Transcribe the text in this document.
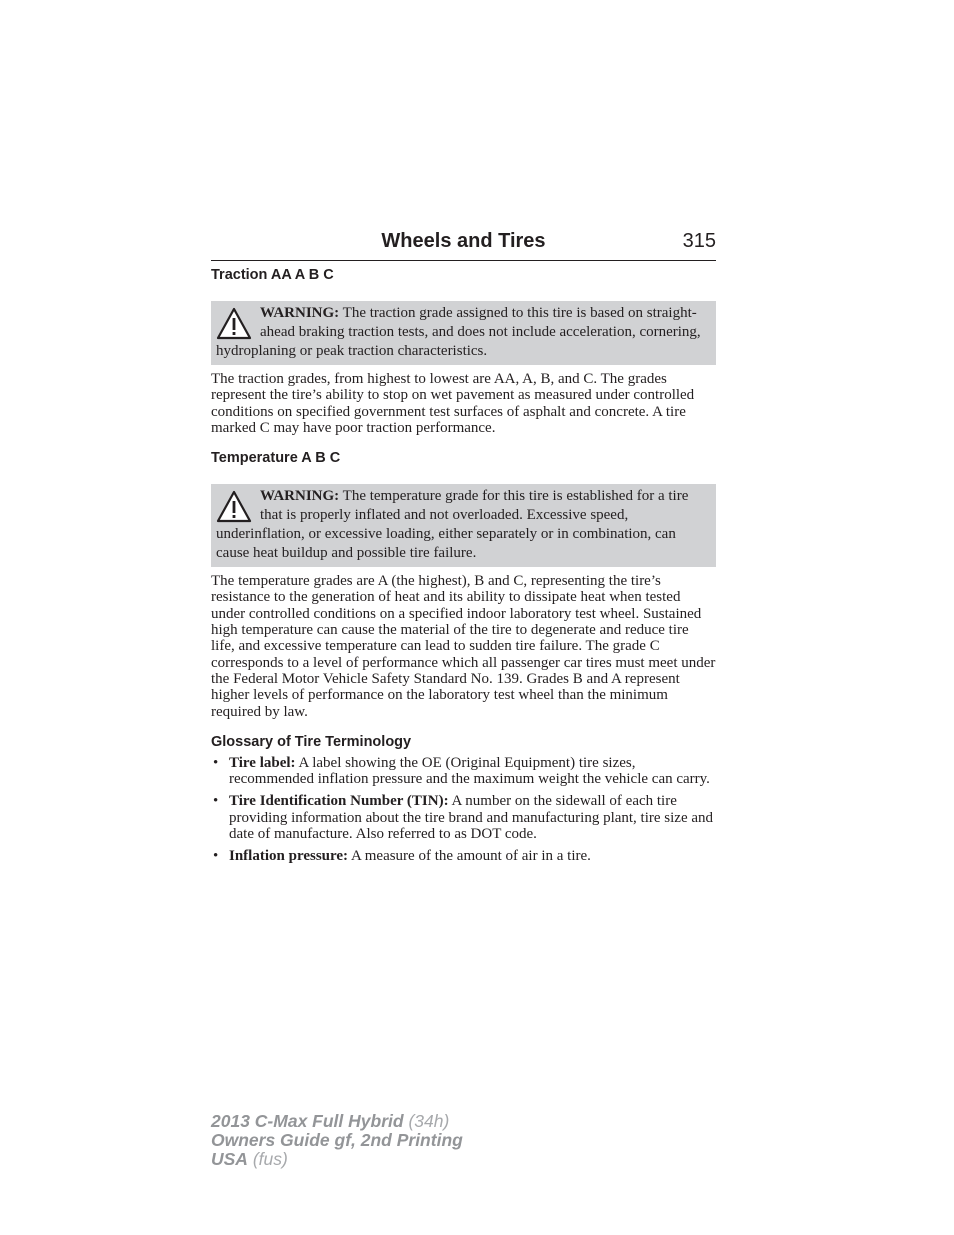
Wheels and Tires	315
Traction AA A B C
WARNING: The traction grade assigned to this tire is based on straight-ahead braking traction tests, and does not include acceleration, cornering, hydroplaning or peak traction characteristics.

The traction grades, from highest to lowest are AA, A, B, and C. The grades represent the tire’s ability to stop on wet pavement as measured under controlled conditions on specified government test surfaces of asphalt and concrete. A tire marked C may have poor traction performance.

Temperature A B C
WARNING: The temperature grade for this tire is established for a tire that is properly inflated and not overloaded. Excessive speed, underinflation, or excessive loading, either separately or in combination, can cause heat buildup and possible tire failure.

The temperature grades are A (the highest), B and C, representing the tire’s resistance to the generation of heat and its ability to dissipate heat when tested under controlled conditions on a specified indoor laboratory test wheel. Sustained high temperature can cause the material of the tire to degenerate and reduce tire life, and excessive temperature can lead to sudden tire failure. The grade C corresponds to a level of performance which all passenger car tires must meet under the Federal Motor Vehicle Safety Standard No. 139. Grades B and A represent higher levels of performance on the laboratory test wheel than the minimum required by law.

Glossary of Tire Terminology
• Tire label: A label showing the OE (Original Equipment) tire sizes, recommended inflation pressure and the maximum weight the vehicle can carry.
• Tire Identification Number (TIN): A number on the sidewall of each tire providing information about the tire brand and manufacturing plant, tire size and date of manufacture. Also referred to as DOT code.
• Inflation pressure: A measure of the amount of air in a tire.
2013 C-Max Full Hybrid (34h)
Owners Guide gf, 2nd Printing
USA (fus)
